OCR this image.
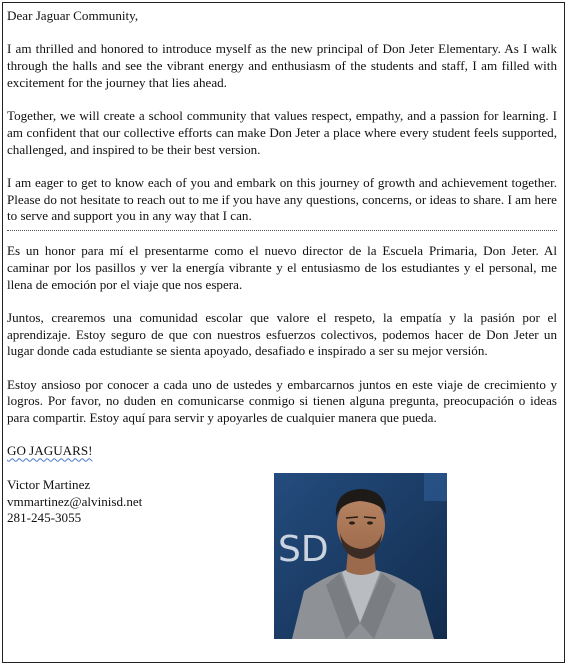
Dear Jaguar Community,

I am thrilled and honored to introduce myself as the new principal of Don Jeter Elementary. As I walk through the halls and see the vibrant energy and enthusiasm of the students and staff, I am filled with excitement for the journey that lies ahead.

Together, we will create a school community that values respect, empathy, and a passion for learning. I am confident that our collective efforts can make Don Jeter a place where every student feels supported, challenged, and inspired to be their best version.

I am eager to get to know each of you and embark on this journey of growth and achievement together. Please do not hesitate to reach out to me if you have any questions, concerns, or ideas to share. I am here to serve and support you in any way that I can.

Es un honor para mí el presentarme como el nuevo director de la Escuela Primaria, Don Jeter. Al caminar por los pasillos y ver la energía vibrante y el entusiasmo de los estudiantes y el personal, me llena de emoción por el viaje que nos espera.

Juntos, crearemos una comunidad escolar que valore el respeto, la empatía y la pasión por el aprendizaje. Estoy seguro de que con nuestros esfuerzos colectivos, podemos hacer de Don Jeter un lugar donde cada estudiante se sienta apoyado, desafiado e inspirado a ser su mejor versión.

Estoy ansioso por conocer a cada uno de ustedes y embarcarnos juntos en este viaje de crecimiento y logros. Por favor, no duden en comunicarse conmigo si tienen alguna pregunta, preocupación o ideas para compartir. Estoy aquí para servir y apoyarles de cualquier manera que pueda.

GO JAGUARS!

Victor Martinez

vmmartinez@alvinisd.net

281-245-3055

SD
